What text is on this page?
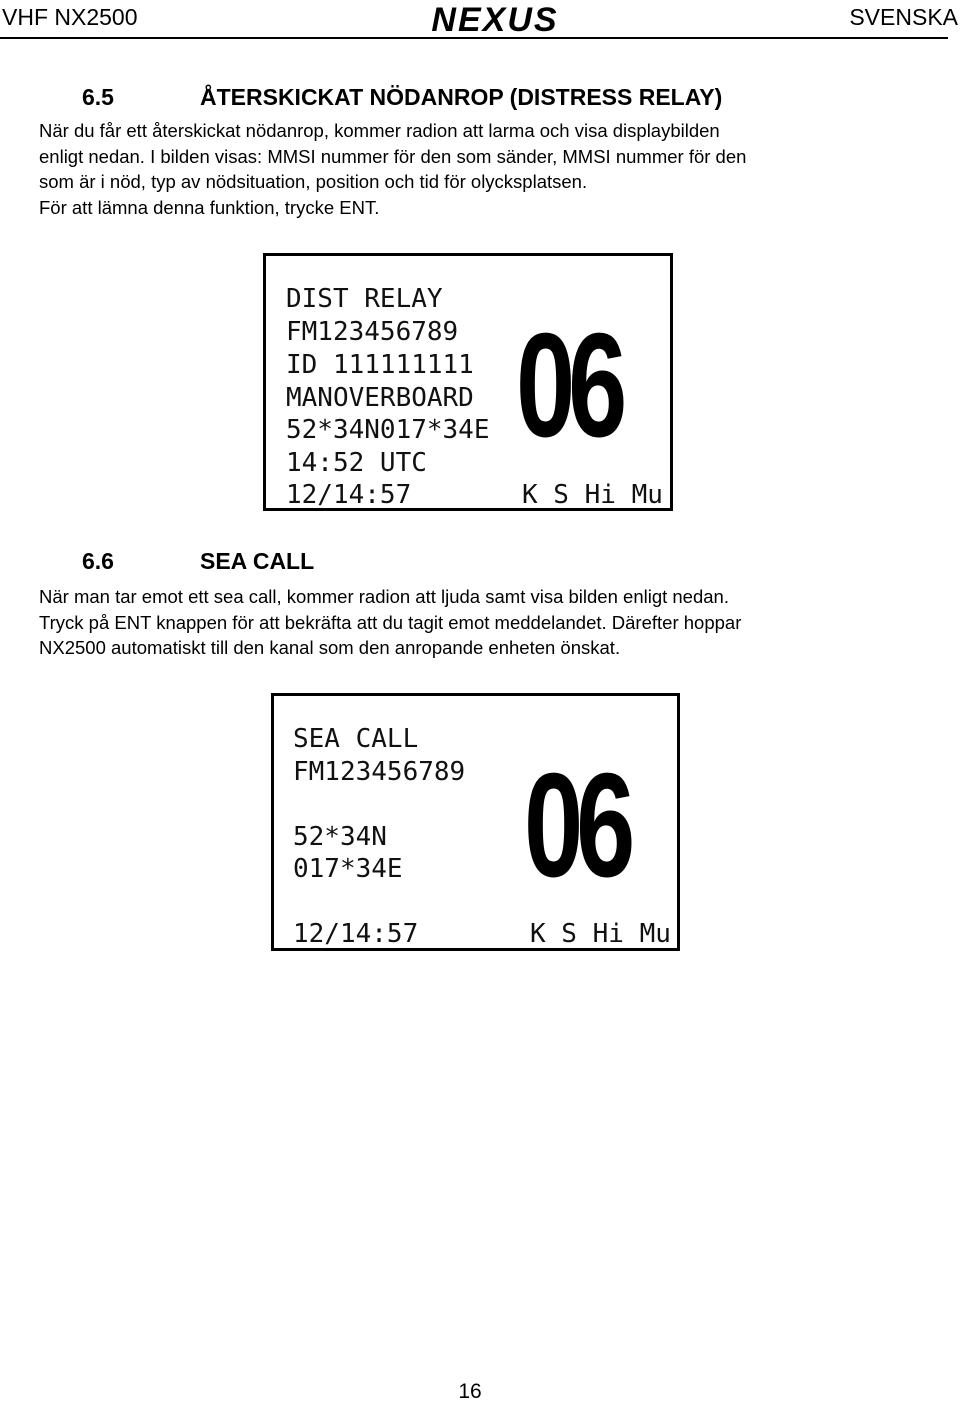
VHF NX2500	NEXUS	SVENSKA
6.5	ÅTERSKICKAT NÖDANROP (DISTRESS RELAY)
När du får ett återskickat nödanrop, kommer radion att larma och visa displaybilden
enligt nedan. I bilden visas: MMSI nummer för den som sänder, MMSI nummer för den
som är i nöd, typ av nödsituation, position och tid för olycksplatsen.
För att lämna denna funktion, trycke ENT.
DIST RELAY
FM123456789
ID 111111111
MANOVERBOARD
52*34N017*34E
14:52 UTC
12/14:57
06
K S Hi Mu
6.6	SEA CALL
När man tar emot ett sea call, kommer radion att ljuda samt visa bilden enligt nedan.
Tryck på ENT knappen för att bekräfta att du tagit emot meddelandet. Därefter hoppar
NX2500 automatiskt till den kanal som den anropande enheten önskat.
SEA CALL
FM123456789
52*34N
017*34E
12/14:57
06
K S Hi Mu
16
